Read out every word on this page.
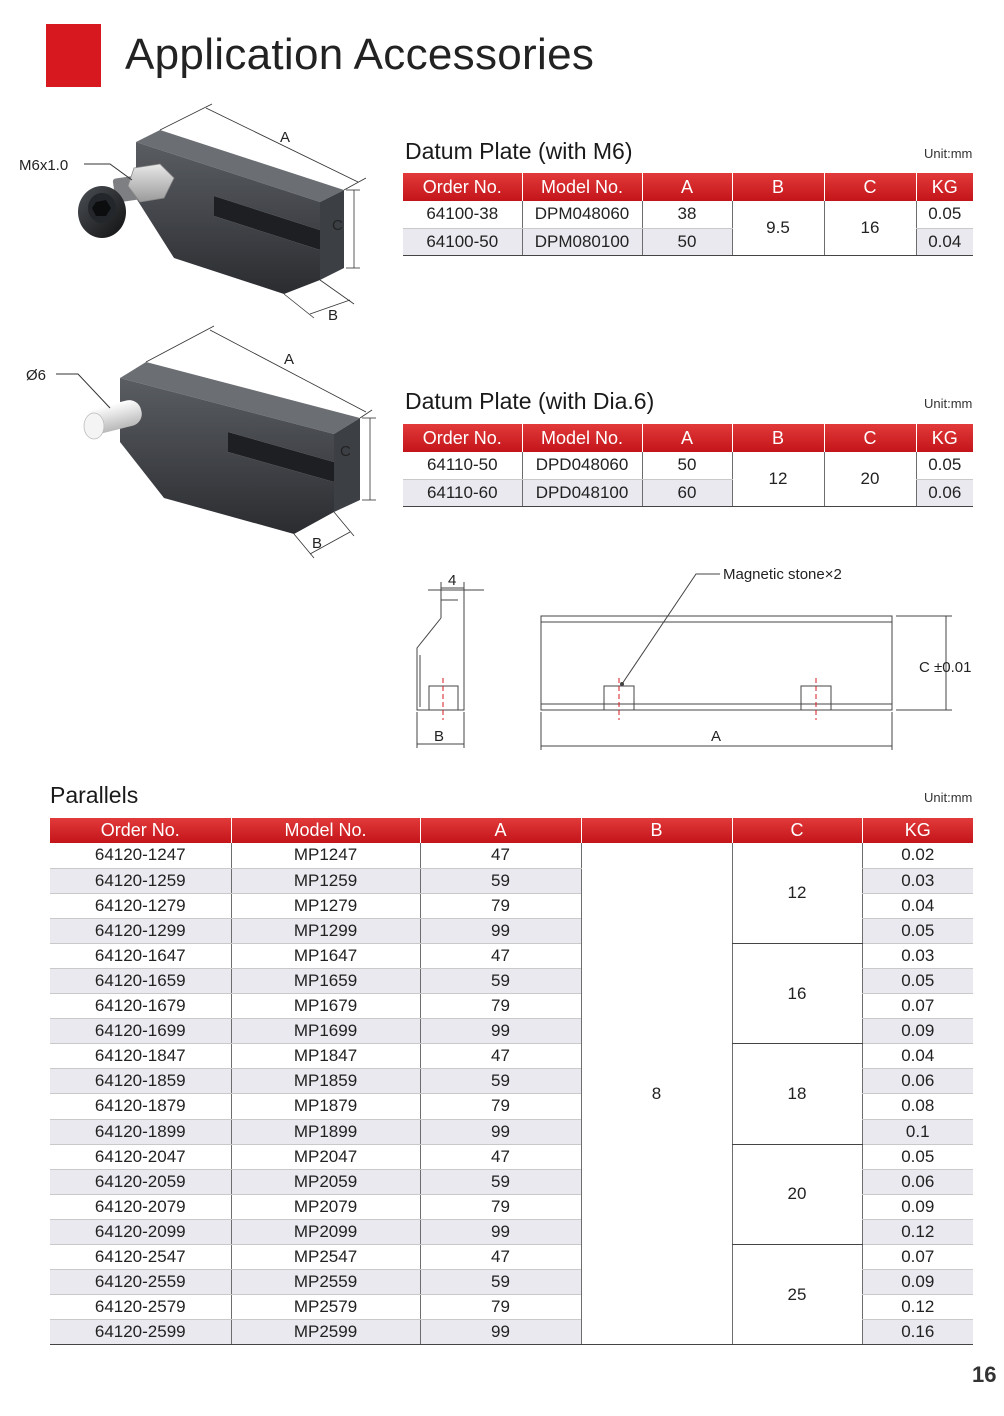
Application Accessories
M6x1.0
A
C
B
Ø6
A
C
B
Datum Plate (with M6)	Unit:mm
Order No.	Model No.	A	B	C	KG
64100-38	DPM048060	38	9.5	16	0.05
64100-50	DPM080100	50			0.04
Datum Plate (with Dia.6)	Unit:mm
Order No.	Model No.	A	B	C	KG
64110-50	DPD048060	50	12	20	0.05
64110-60	DPD048100	60			0.06
4
B	A
C ±0.01
Magnetic stone×2
Parallels	Unit:mm
Order No.	Model No.	A	B	C	KG
64120-1247	MP1247	47	8	12	0.02
64120-1259	MP1259	59			0.03
64120-1279	MP1279	79			0.04
64120-1299	MP1299	99			0.05
64120-1647	MP1647	47		16	0.03
64120-1659	MP1659	59			0.05
64120-1679	MP1679	79			0.07
64120-1699	MP1699	99			0.09
64120-1847	MP1847	47		18	0.04
64120-1859	MP1859	59			0.06
64120-1879	MP1879	79			0.08
64120-1899	MP1899	99			0.1
64120-2047	MP2047	47		20	0.05
64120-2059	MP2059	59			0.06
64120-2079	MP2079	79			0.09
64120-2099	MP2099	99			0.12
64120-2547	MP2547	47		25	0.07
64120-2559	MP2559	59			0.09
64120-2579	MP2579	79			0.12
64120-2599	MP2599	99			0.16
16
